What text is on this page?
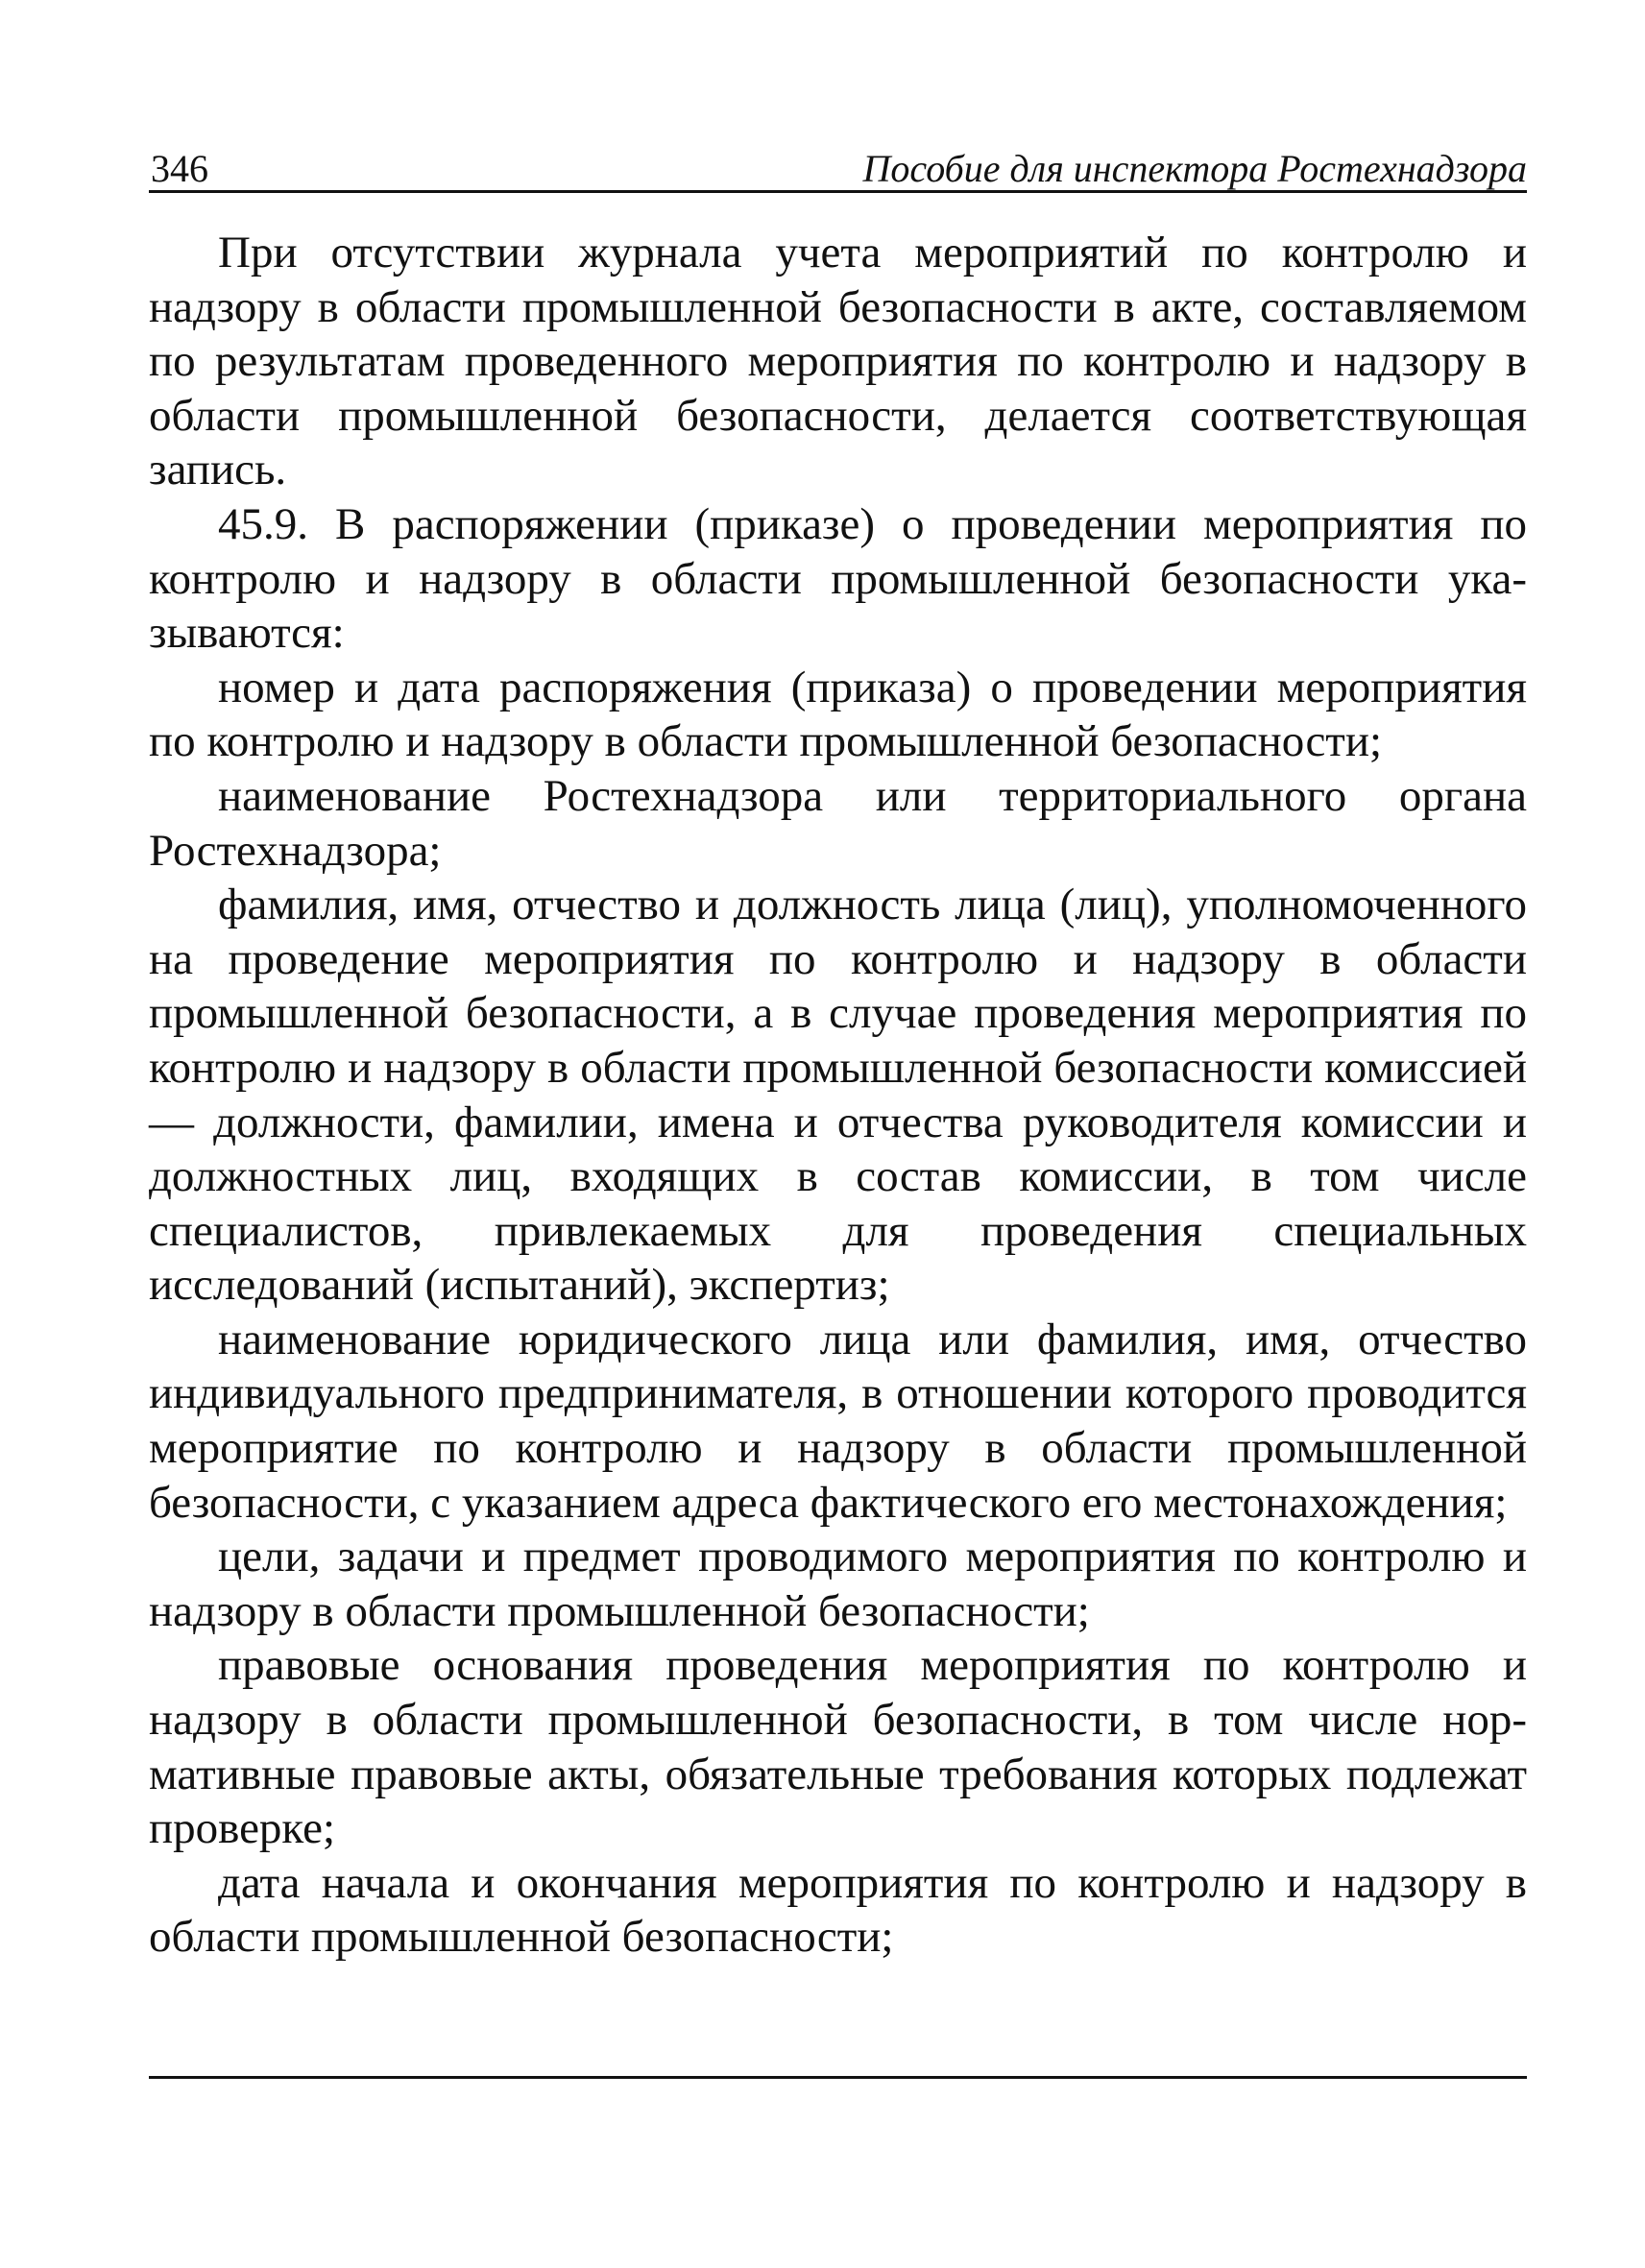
346	Пособие для инспектора Ростехнадзора

При отсутствии журнала учета мероприятий по контролю и надзору в области промышленной безопасности в акте, составляемом по результатам проведенного мероприятия по контролю и надзору в области промышленной безопасности, делается соответствующая запись.

45.9. В распоряжении (приказе) о проведении мероприятия по контролю и надзору в области промышленной безопасности указываются:

номер и дата распоряжения (приказа) о проведении мероприятия по контролю и надзору в области промышленной безопасности;

наименование Ростехнадзора или территориального органа Ростехнадзора;

фамилия, имя, отчество и должность лица (лиц), уполномоченного на проведение мероприятия по контролю и надзору в области промышленной безопасности, а в случае проведения мероприятия по контролю и надзору в области промышленной безопасности комиссией — должности, фамилии, имена и отчества руководителя комиссии и должностных лиц, входящих в состав комиссии, в том числе специалистов, привлекаемых для проведения специальных исследований (испытаний), экспертиз;

наименование юридического лица или фамилия, имя, отчество индивидуального предпринимателя, в отношении которого проводится мероприятие по контролю и надзору в области промышленной безопасности, с указанием адреса фактического его местонахождения;

цели, задачи и предмет проводимого мероприятия по контролю и надзору в области промышленной безопасности;

правовые основания проведения мероприятия по контролю и надзору в области промышленной безопасности, в том числе нормативные правовые акты, обязательные требования которых подлежат проверке;

дата начала и окончания мероприятия по контролю и надзору в области промышленной безопасности;
